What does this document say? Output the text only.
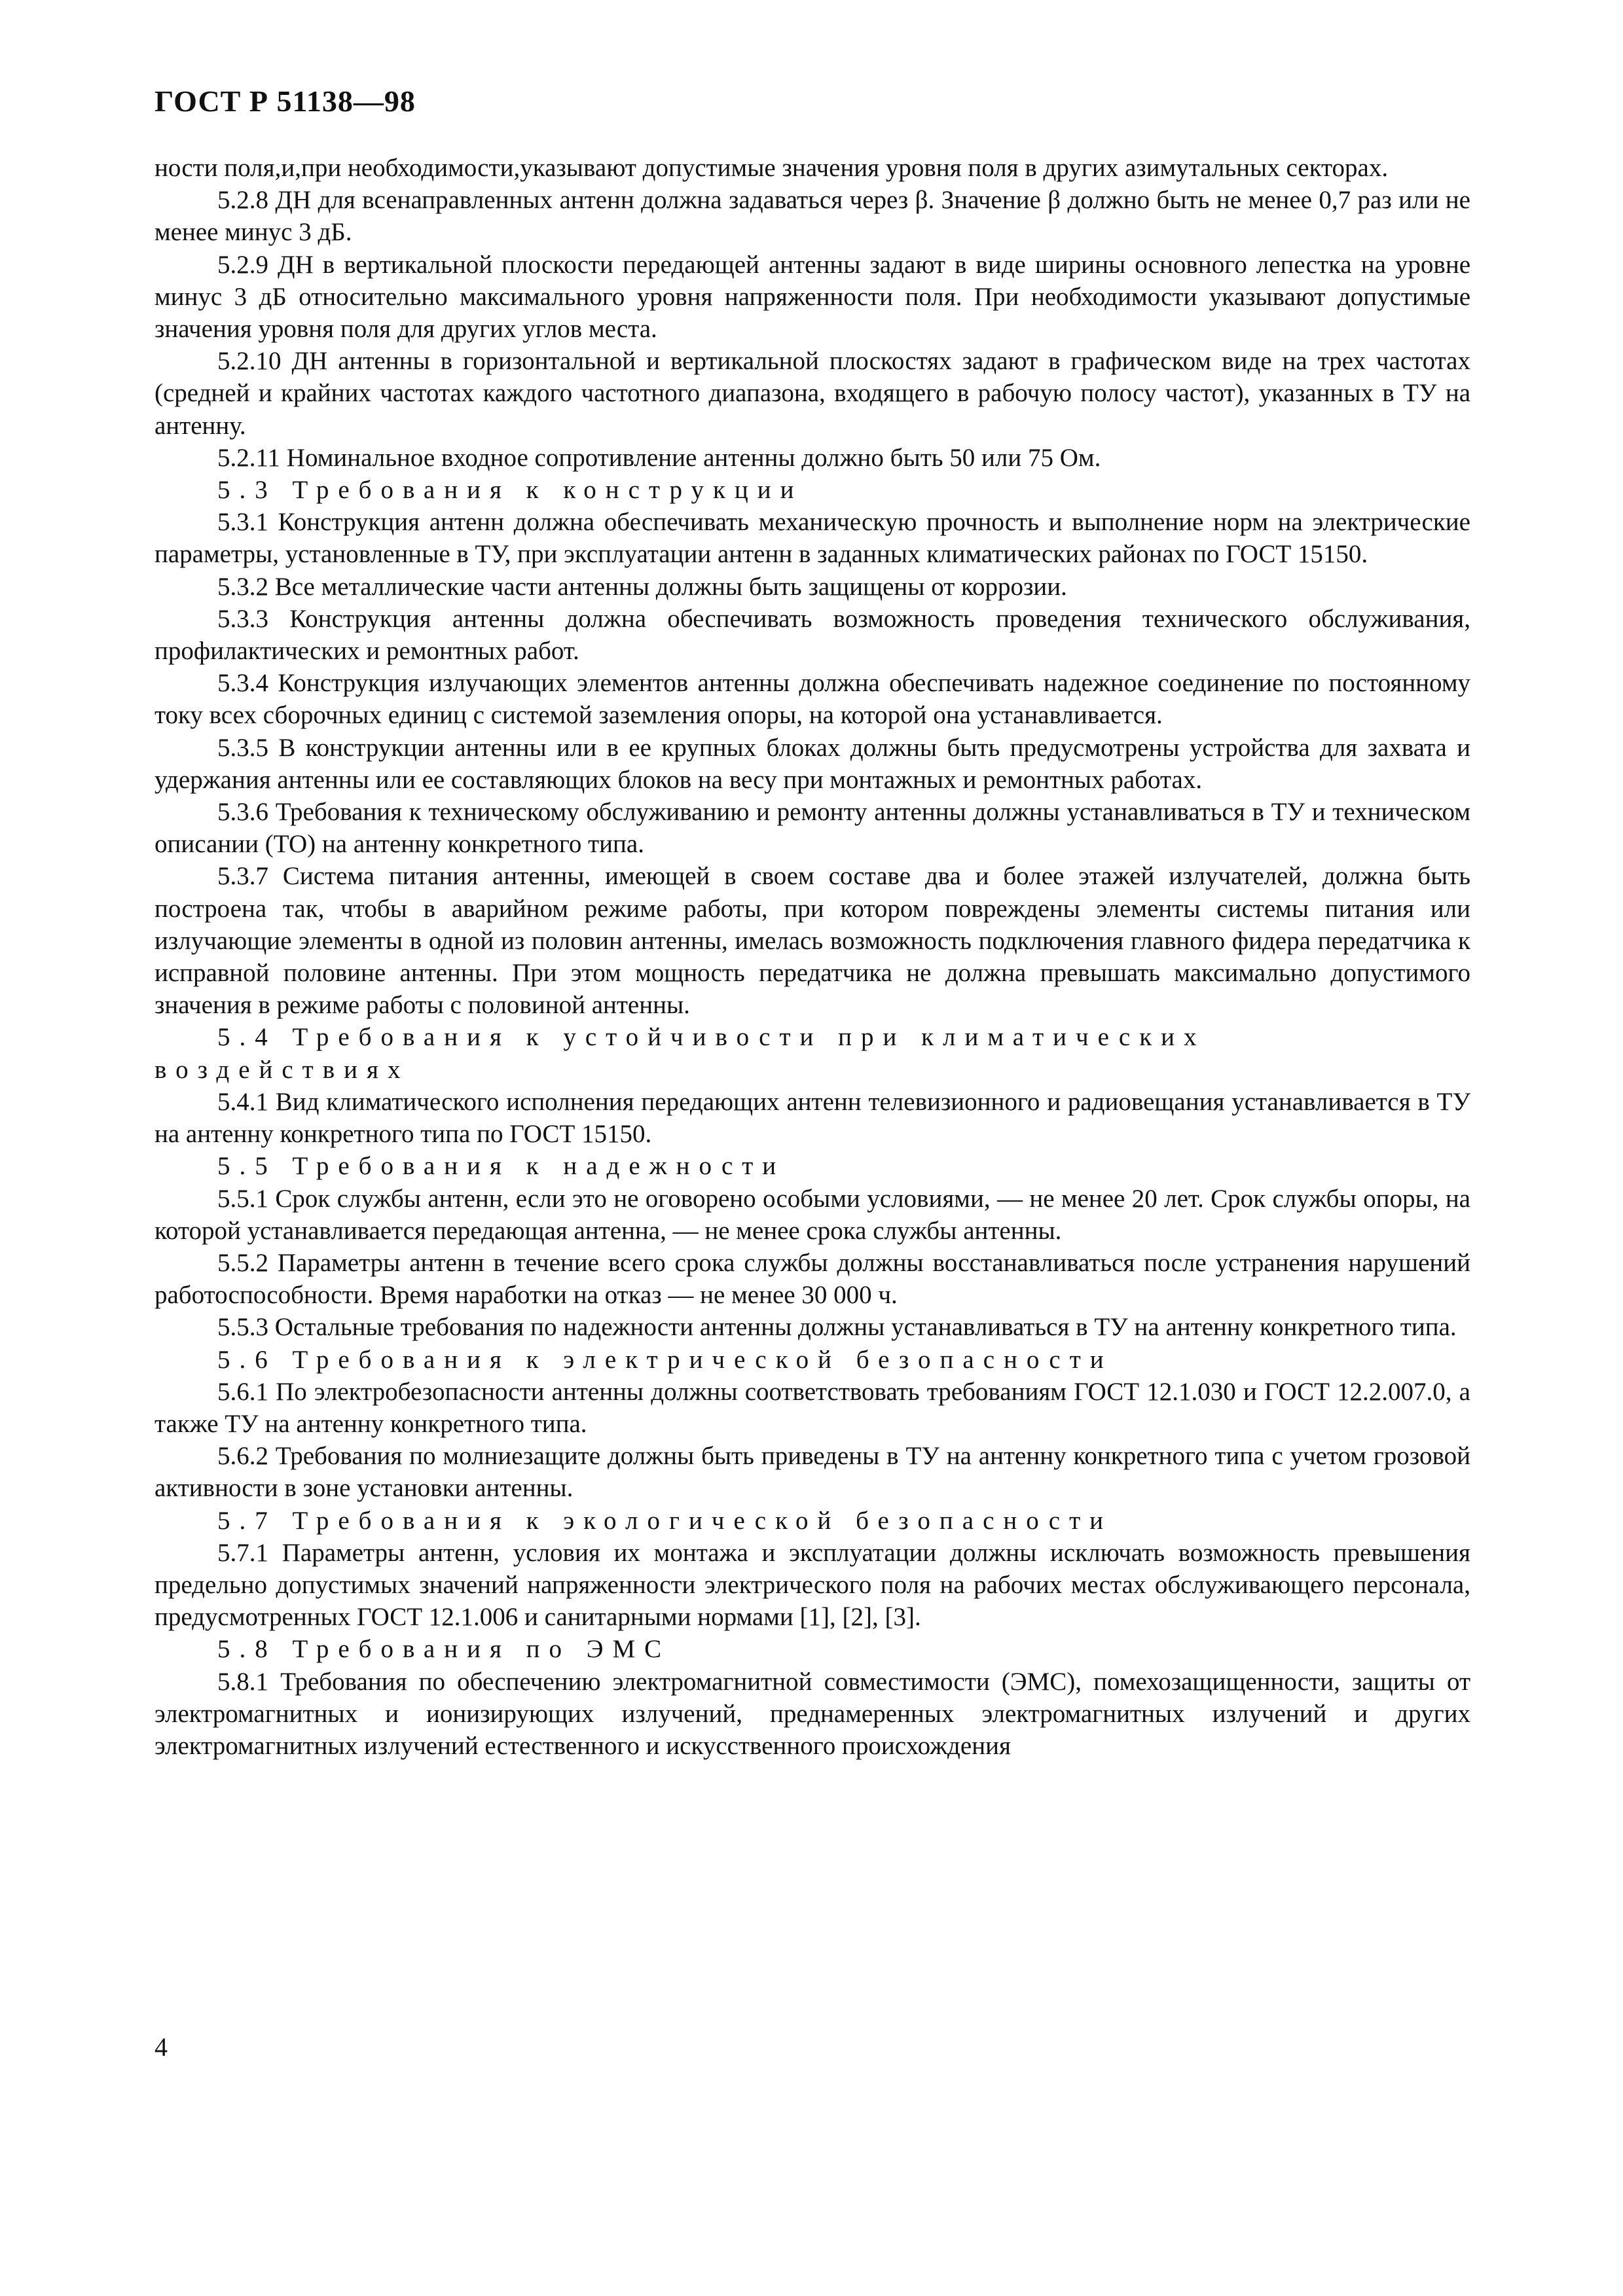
ГОСТ Р 51138—98

ности поля,и,при необходимости,указывают допустимые значения уровня поля в других азимутальных секторах.

5.2.8 ДН для всенаправленных антенн должна задаваться через β. Значение β должно быть не менее 0,7 раз или не менее минус 3 дБ.

5.2.9 ДН в вертикальной плоскости передающей антенны задают в виде ширины основного лепестка на уровне минус 3 дБ относительно максимального уровня напряженности поля. При необходимости указывают допустимые значения уровня поля для других углов места.

5.2.10 ДН антенны в горизонтальной и вертикальной плоскостях задают в графическом виде на трех частотах (средней и крайних частотах каждого частотного диапазона, входящего в рабочую полосу частот), указанных в ТУ на антенну.

5.2.11 Номинальное входное сопротивление антенны должно быть 50 или 75 Ом.

5.3 Требования к конструкции

5.3.1 Конструкция антенн должна обеспечивать механическую прочность и выполнение норм на электрические параметры, установленные в ТУ, при эксплуатации антенн в заданных климатических районах по ГОСТ 15150.

5.3.2 Все металлические части антенны должны быть защищены от коррозии.

5.3.3 Конструкция антенны должна обеспечивать возможность проведения технического обслуживания, профилактических и ремонтных работ.

5.3.4 Конструкция излучающих элементов антенны должна обеспечивать надежное соединение по постоянному току всех сборочных единиц с системой заземления опоры, на которой она устанавливается.

5.3.5 В конструкции антенны или в ее крупных блоках должны быть предусмотрены устройства для захвата и удержания антенны или ее составляющих блоков на весу при монтажных и ремонтных работах.

5.3.6 Требования к техническому обслуживанию и ремонту антенны должны устанавливаться в ТУ и техническом описании (ТО) на антенну конкретного типа.

5.3.7 Система питания антенны, имеющей в своем составе два и более этажей излучателей, должна быть построена так, чтобы в аварийном режиме работы, при котором повреждены элементы системы питания или излучающие элементы в одной из половин антенны, имелась возможность подключения главного фидера передатчика к исправной половине антенны. При этом мощность передатчика не должна превышать максимально допустимого значения в режиме работы с половиной антенны.

5.4 Требования к устойчивости при климатических воздействиях

5.4.1 Вид климатического исполнения передающих антенн телевизионного и радиовещания устанавливается в ТУ на антенну конкретного типа по ГОСТ 15150.

5.5 Требования к надежности

5.5.1 Срок службы антенн, если это не оговорено особыми условиями, — не менее 20 лет. Срок службы опоры, на которой устанавливается передающая антенна, — не менее срока службы антенны.

5.5.2 Параметры антенн в течение всего срока службы должны восстанавливаться после устранения нарушений работоспособности. Время наработки на отказ — не менее 30 000 ч.

5.5.3 Остальные требования по надежности антенны должны устанавливаться в ТУ на антенну конкретного типа.

5.6 Требования к электрической безопасности

5.6.1 По электробезопасности антенны должны соответствовать требованиям ГОСТ 12.1.030 и ГОСТ 12.2.007.0, а также ТУ на антенну конкретного типа.

5.6.2 Требования по молниезащите должны быть приведены в ТУ на антенну конкретного типа с учетом грозовой активности в зоне установки антенны.

5.7 Требования к экологической безопасности

5.7.1 Параметры антенн, условия их монтажа и эксплуатации должны исключать возможность превышения предельно допустимых значений напряженности электрического поля на рабочих местах обслуживающего персонала, предусмотренных ГОСТ 12.1.006 и санитарными нормами [1], [2], [3].

5.8 Требования по ЭМС

5.8.1 Требования по обеспечению электромагнитной совместимости (ЭМС), помехозащищенности, защиты от электромагнитных и ионизирующих излучений, преднамеренных электромагнитных излучений и других электромагнитных излучений естественного и искусственного происхождения

4
